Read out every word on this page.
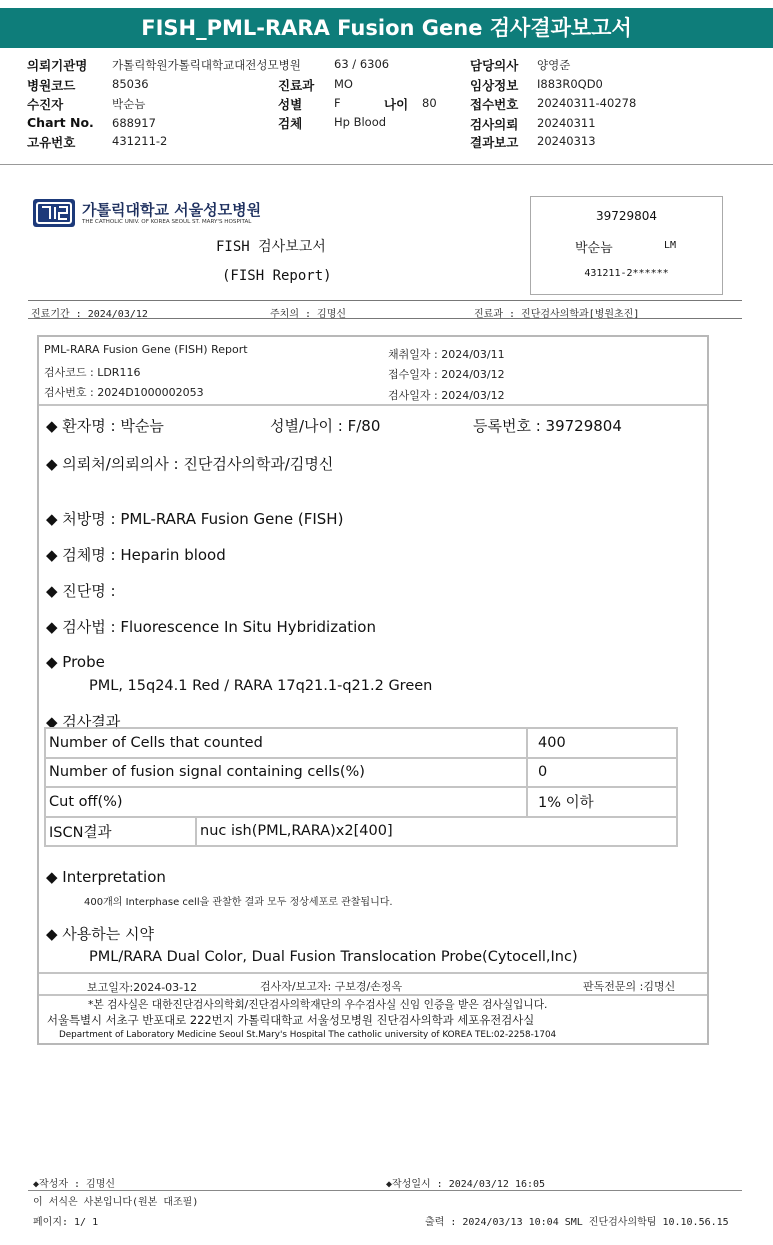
FISH_PML-RARA Fusion Gene 검사결과보고서
의뢰기관명 가톨릭학원가톨릭대학교대전성모병원	63 / 6306	담당의사 양영준
병원코드	85036	진료과 MO	임상정보 I883R0QD0
수진자	박순늠	성별	F	나이 80	접수번호 20240311-40278
Chart No. 688917	검체	Hp Blood	검사의뢰 20240311
고유번호	431211-2	결과보고 20240313
가톨릭대학교 서울성모병원
THE CATHOLIC UNIV. OF KOREA SEOUL ST. MARY'S HOSPITAL
FISH 검사보고서
(FISH Report)
39729804
박순늠	LM
431211-2******
진료기간 : 2024/03/12	주치의 : 김명신	진료과 : 진단검사의학과[병원초진]
PML-RARA Fusion Gene (FISH) Report
검사코드 : LDR116
검사번호 : 2024D1000002053
채취일자 : 2024/03/11
접수일자 : 2024/03/12
검사일자 : 2024/03/12
◆ 환자명 : 박순늠	성별/나이 : F/80	등록번호 : 39729804
◆ 의뢰처/의뢰의사 : 진단검사의학과/김명신
◆ 처방명 : PML-RARA Fusion Gene (FISH)
◆ 검체명 : Heparin blood
◆ 진단명 :
◆ 검사법 : Fluorescence In Situ Hybridization
◆ Probe
PML, 15q24.1 Red / RARA 17q21.1-q21.2 Green
◆ 검사결과
Number of Cells that counted		400
Number of fusion signal containing cells(%)		0
Cut off(%)		1% 이하
ISCN결과	nuc ish(PML,RARA)x2[400]	
◆ Interpretation
400개의 Interphase cell을 관찰한 결과 모두 정상세포로 관찰됩니다.
◆ 사용하는 시약
PML/RARA Dual Color, Dual Fusion Translocation Probe(Cytocell,Inc)
보고일자:2024-03-12	검사자/보고자: 구보경/손정옥	판독전문의 :김명신
*본 검사실은 대한진단검사의학회/진단검사의학재단의 우수검사실 신임 인증을 받은 검사실입니다.
서울특별시 서초구 반포대로 222번지 가톨릭대학교 서울성모병원 진단검사의학과 세포유전검사실
Department of Laboratory Medicine Seoul St.Mary's Hospital The catholic university of KOREA TEL:02-2258-1704
◆작성자 : 김명신	◆작성일시 : 2024/03/12 16:05
이 서식은 사본입니다(원본 대조필)
페이지: 1/ 1	출력 : 2024/03/13 10:04 SML 진단검사의학팀 10.10.56.15
